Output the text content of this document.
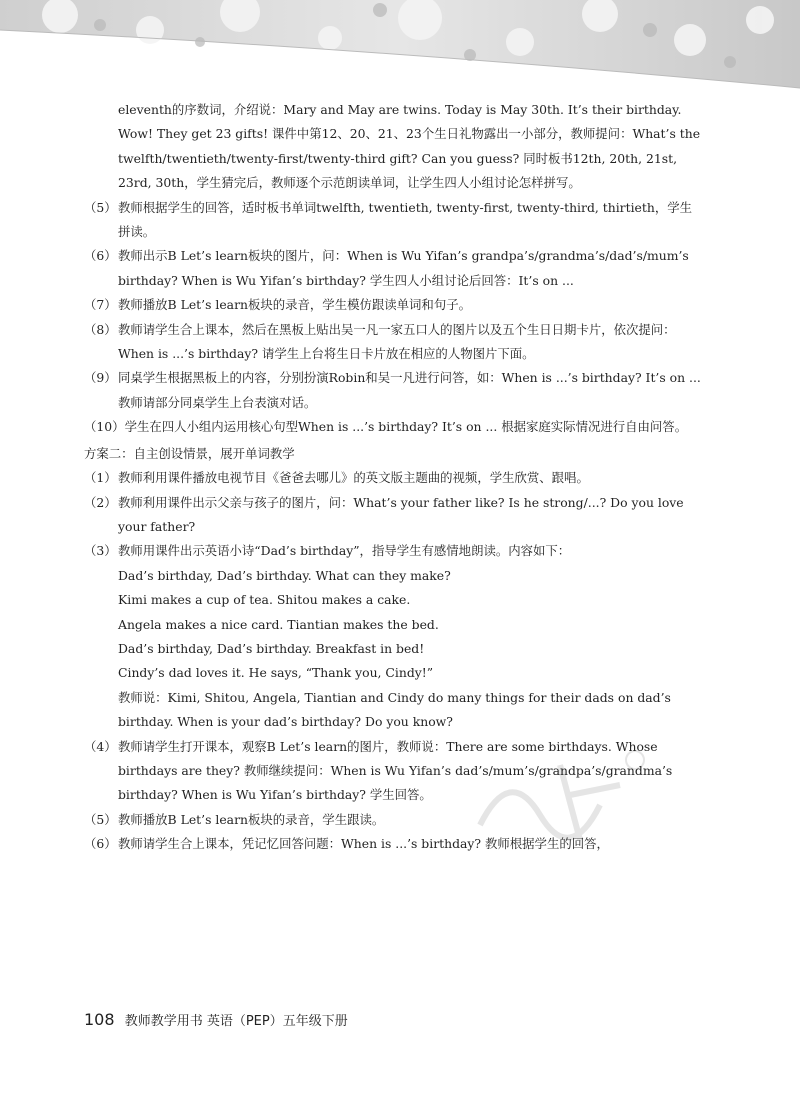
eleventh的序数词，介绍说：Mary and May are twins. Today is May 30th. It’s their birthday. Wow! They get 23 gifts! 课件中第12、20、21、23个生日礼物露出一小部分，教师提问：What’s the twelfth/twentieth/twenty-first/twenty-third gift? Can you guess? 同时板书12th, 20th, 21st, 23rd, 30th，学生猜完后，教师逐个示范朗读单词，让学生四人小组讨论怎样拼写。

（5） 教师根据学生的回答，适时板书单词twelfth, twentieth, twenty-first, twenty-third, thirtieth，学生拼读。
（6） 教师出示B Let’s learn板块的图片，问：When is Wu Yifan’s grandpa’s/grandma’s/dad’s/mum’s birthday? When is Wu Yifan’s birthday? 学生四人小组讨论后回答：It’s on ...
（7） 教师播放B Let’s learn板块的录音，学生模仿跟读单词和句子。
（8） 教师请学生合上课本，然后在黑板上贴出吴一凡一家五口人的图片以及五个生日日期卡片，依次提问：When is ...’s birthday? 请学生上台将生日卡片放在相应的人物图片下面。
（9） 同桌学生根据黑板上的内容，分别扮演Robin和吴一凡进行问答，如：When is ...’s birthday? It’s on ... 教师请部分同桌学生上台表演对话。
（10） 学生在四人小组内运用核心句型When is ...’s birthday? It’s on ... 根据家庭实际情况进行自由问答。

方案二：自主创设情景，展开单词教学

（1） 教师利用课件播放电视节目《爸爸去哪儿》的英文版主题曲的视频，学生欣赏、跟唱。
（2） 教师利用课件出示父亲与孩子的图片，问：What’s your father like? Is he strong/...? Do you love your father?
（3） 教师用课件出示英语小诗“Dad’s birthday”，指导学生有感情地朗读。内容如下：
Dad’s birthday, Dad’s birthday. What can they make?
Kimi makes a cup of tea. Shitou makes a cake.
Angela makes a nice card. Tiantian makes the bed.
Dad’s birthday, Dad’s birthday. Breakfast in bed!
Cindy’s dad loves it. He says, “Thank you, Cindy!”
教师说：Kimi, Shitou, Angela, Tiantian and Cindy do many things for their dads on dad’s birthday. When is your dad’s birthday? Do you know?
（4） 教师请学生打开课本，观察B Let’s learn的图片，教师说：There are some birthdays. Whose birthdays are they? 教师继续提问：When is Wu Yifan’s dad’s/mum’s/grandpa’s/grandma’s birthday? When is Wu Yifan’s birthday? 学生回答。
（5） 教师播放B Let’s learn板块的录音，学生跟读。
（6） 教师请学生合上课本，凭记忆回答问题：When is ...’s birthday? 教师根据学生的回答，
108 教师教学用书 英语（PEP）五年级下册
